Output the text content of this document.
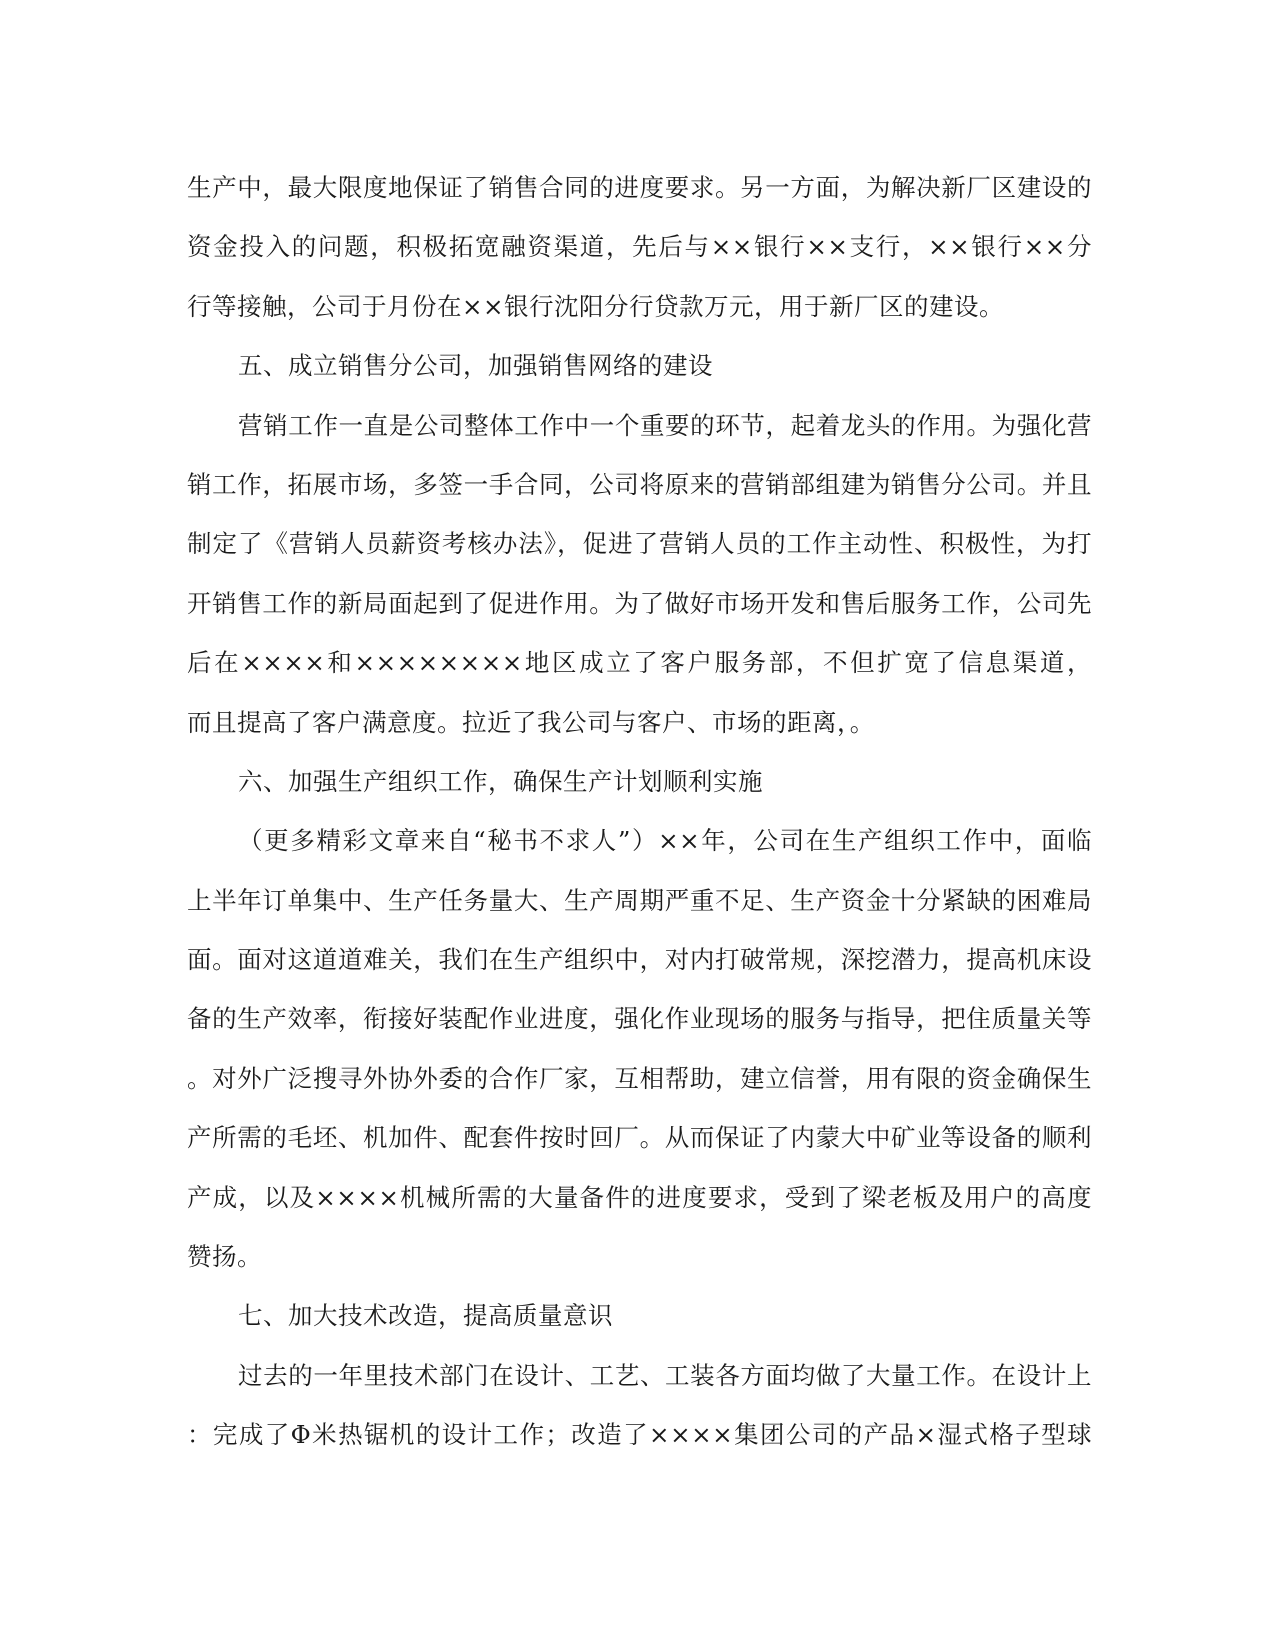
生产中，最大限度地保证了销售合同的进度要求。另一方面，为解决新厂区建设的
资金投入的问题，积极拓宽融资渠道，先后与××银行××支行，××银行××分
行等接触，公司于月份在××银行沈阳分行贷款万元，用于新厂区的建设。
五、成立销售分公司，加强销售网络的建设
营销工作一直是公司整体工作中一个重要的环节，起着龙头的作用。为强化营
销工作，拓展市场，多签一手合同，公司将原来的营销部组建为销售分公司。并且
制定了《营销人员薪资考核办法》，促进了营销人员的工作主动性、积极性，为打
开销售工作的新局面起到了促进作用。为了做好市场开发和售后服务工作，公司先
后在××××和××××××××地区成立了客户服务部，不但扩宽了信息渠道，
而且提高了客户满意度。拉近了我公司与客户、市场的距离，。
六、加强生产组织工作，确保生产计划顺利实施
（更多精彩文章来自“秘书不求人”）××年，公司在生产组织工作中，面临
上半年订单集中、生产任务量大、生产周期严重不足、生产资金十分紧缺的困难局
面。面对这道道难关，我们在生产组织中，对内打破常规，深挖潜力，提高机床设
备的生产效率，衔接好装配作业进度，强化作业现场的服务与指导，把住质量关等
。对外广泛搜寻外协外委的合作厂家，互相帮助，建立信誉，用有限的资金确保生
产所需的毛坯、机加件、配套件按时回厂。从而保证了内蒙大中矿业等设备的顺利
产成，以及××××机械所需的大量备件的进度要求，受到了梁老板及用户的高度
赞扬。
七、加大技术改造，提高质量意识
过去的一年里技术部门在设计、工艺、工装各方面均做了大量工作。在设计上
：完成了Φ米热锯机的设计工作；改造了××××集团公司的产品×湿式格子型球
